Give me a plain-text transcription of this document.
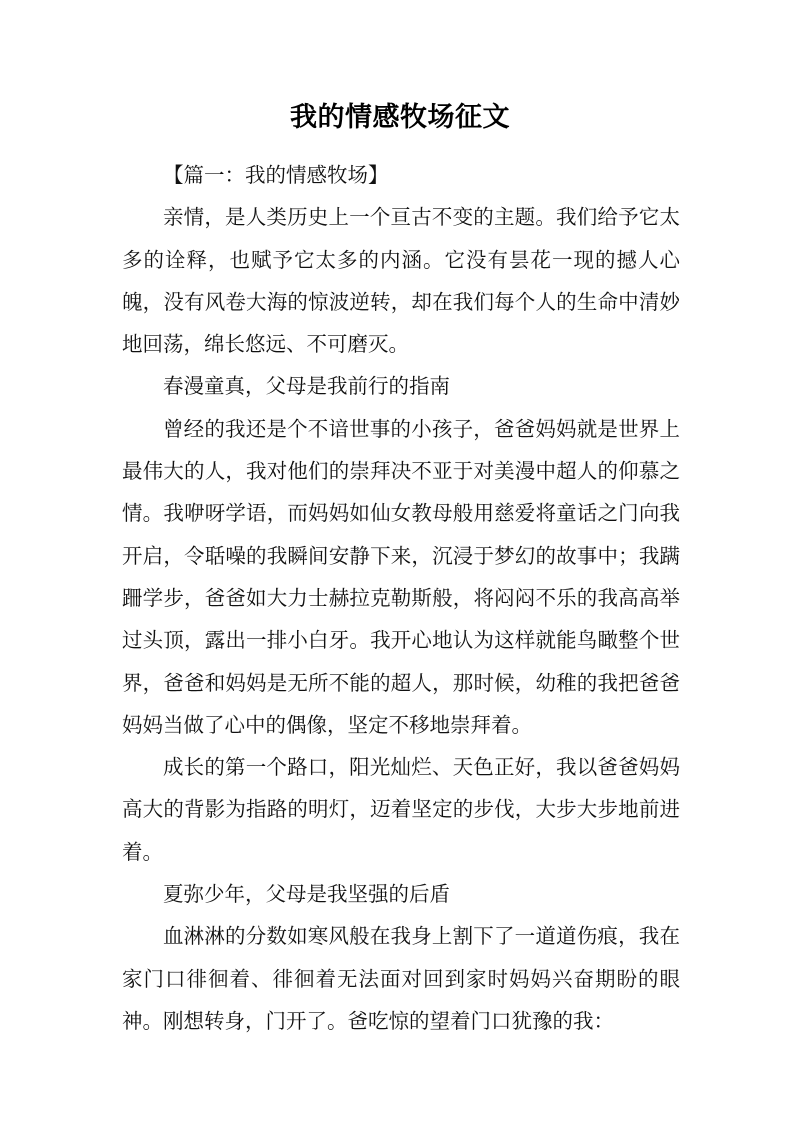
我的情感牧场征文

【篇一：我的情感牧场】

亲情，是人类历史上一个亘古不变的主题。我们给予它太多的诠释，也赋予它太多的内涵。它没有昙花一现的撼人心魄，没有风卷大海的惊波逆转，却在我们每个人的生命中清妙地回荡，绵长悠远、不可磨灭。

春漫童真，父母是我前行的指南

曾经的我还是个不谙世事的小孩子，爸爸妈妈就是世界上最伟大的人，我对他们的崇拜决不亚于对美漫中超人的仰慕之情。我咿呀学语，而妈妈如仙女教母般用慈爱将童话之门向我开启，令聒噪的我瞬间安静下来，沉浸于梦幻的故事中；我蹒跚学步，爸爸如大力士赫拉克勒斯般，将闷闷不乐的我高高举过头顶，露出一排小白牙。我开心地认为这样就能鸟瞰整个世界，爸爸和妈妈是无所不能的超人，那时候，幼稚的我把爸爸妈妈当做了心中的偶像，坚定不移地崇拜着。

成长的第一个路口，阳光灿烂、天色正好，我以爸爸妈妈高大的背影为指路的明灯，迈着坚定的步伐，大步大步地前进着。

夏弥少年，父母是我坚强的后盾

血淋淋的分数如寒风般在我身上割下了一道道伤痕，我在家门口徘徊着、徘徊着无法面对回到家时妈妈兴奋期盼的眼神。刚想转身，门开了。爸吃惊的望着门口犹豫的我：
